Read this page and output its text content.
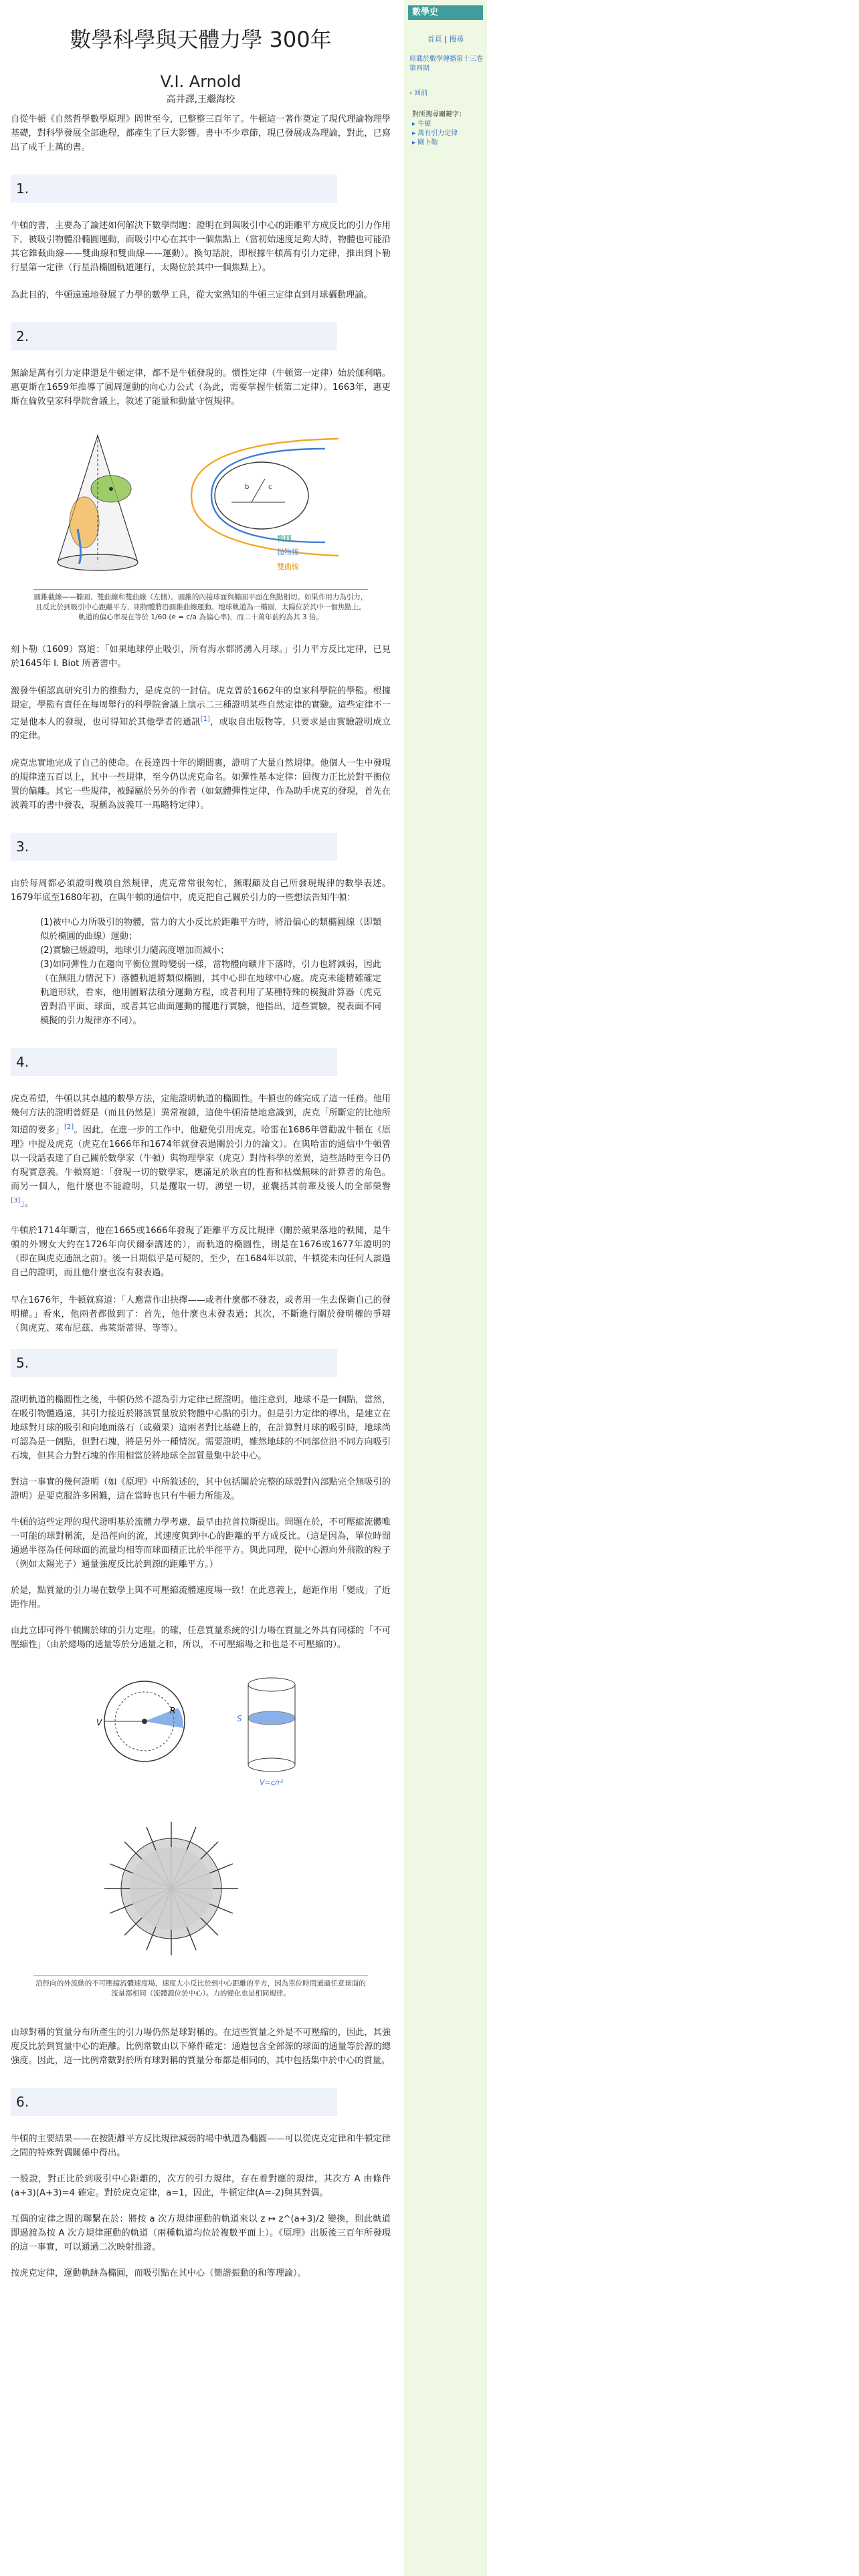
數學科學與天體力學 300年
V.I. Arnold
高井譯,王繼海校

自從牛頓《自然哲學數學原理》問世至今，已整整三百年了。牛頓這一著作奠定了現代理論物理學基礎，對科學發展全部進程，都產生了巨大影響。書中不少章節，現已發展成為理論，對此，已寫出了成千上萬的書。

1.

牛頓的書，主要為了論述如何解決下數學問題：證明在到與吸引中心的距離平方成反比的引力作用下，被吸引物體沿橢圓運動，而吸引中心在其中一個焦點上（當初始速度足夠大時，物體也可能沿其它錐截曲線——雙曲線和雙曲線——運動）。換句話說，即根據牛頓萬有引力定律，推出到卜勒行星第一定律（行星沿橢圓軌道運行，太陽位於其中一個焦點上）。

為此目的，牛頓遠遠地發展了力學的數學工具，從大家熟知的牛頓三定律直到月球攝動理論。

2.

無論是萬有引力定律還是牛頓定律，都不是牛頓發現的。慣性定律（牛頓第一定律）始於伽利略。惠更斯在1659年推導了圓周運動的向心力公式（為此，需要掌握牛頓第二定律）。1663年，惠更斯在倫敦皇家科學院會議上，敘述了能量和動量守恆規律。

c
b
橢圓
拋物線
雙曲線
圓錐截線——橢圓、雙曲線和雙曲線（左側）。圓錐的內接球面與橢圓平面在焦點相切。如果作用力為引力，且反比於到吸引中心距離平方，則物體將沿圓錐曲線運動。地球軌道為一橢圓，太陽位於其中一個焦點上。軌道的偏心率現在等於 1/60 (e = c/a 為偏心率)，而二十萬年前約為其 3 倍。

刻卜勒（1609）寫道：「如果地球停止吸引，所有海水都將湧入月球。」引力平方反比定律，已見於1645年 I. Biot 所著書中。

激發牛頓認真研究引力的推動力，是虎克的一封信。虎克曾於1662年的皇家科學院的學監。根據規定，學監有責任在每周舉行的科學院會議上演示二三種證明某些自然定律的實驗。這些定律不一定是他本人的發現，也可得知於其他學者的通訊[1]，或取自出版物等，只要求是由實驗證明成立的定律。

虎克忠實地完成了自己的使命。在長達四十年的期間裏，證明了大量自然規律。他個人一生中發現的規律達五百以上，其中一些規律，至今仍以虎克命名。如彈性基本定律：回復力正比於對平衡位置的偏離。其它一些規律，被歸屬於另外的作者（如氣體彈性定律，作為助手虎克的發現，首先在波義耳的書中發表，現稱為波義耳一馬略特定律）。

3.

由於每周都必須證明幾項自然規律，虎克常常很匆忙，無暇顧及自己所發現規律的數學表述。1679年底至1680年初，在與牛頓的通信中，虎克把自己關於引力的一些想法告知牛頓：

(1)被中心力所吸引的物體，當力的大小反比於距離平方時，將沿偏心的類橢圓線（即類似於橢圓的曲線）運動；

(2)實驗已經證明，地球引力隨高度增加而減小；

(3)如同彈性力在趨向平衡位置時變弱一樣，當物體向礦井下落時，引力也將減弱，因此（在無阻力情況下）落體軌道將類似橢圓，其中心即在地球中心處。虎克未能精確確定軌道形狀，看來，他用圖解法積分運動方程，或者利用了某種特殊的模擬計算器（虎克曾對沿平面、球面，或者其它曲面運動的擺進行實驗，他指出，這些實驗，視表面不同模擬的引力規律亦不同）。

4.

虎克希望，牛頓以其卓越的數學方法，定能證明軌道的橢圓性。牛頓也的確完成了這一任務。他用幾何方法的證明曾經是（而且仍然是）異常複雜，這使牛頓清楚地意識到，虎克「所斷定的比他所知道的要多」[2]。因此，在進一步的工作中，他避免引用虎克。哈雷在1686年曾勸說牛頓在《原理》中提及虎克（虎克在1666年和1674年就發表過關於引力的論文）。在與哈雷的通信中牛頓曾以一段話表達了自己關於數學家（牛頓）與物理學家（虎克）對待科學的差異，這些話時至今日仍有現實意義。牛頓寫道：「發現一切的數學家，應滿足於耿直的性畜和枯燥無味的計算者的角色。而另一個人，他什麼也不能證明，只是攫取一切，湧望一切，並囊括其前輩及後人的全部榮譽[3]」。

牛頓於1714年斷言，他在1665或1666年發現了距離平方反比規律（關於蘋果落地的軼聞，是牛頓的外甥女大約在1726年向伏爾泰講述的），而軌道的橢圓性，則是在1676或1677年證明的（即在與虎克通訊之前）。後一日期似乎是可疑的，至少，在1684年以前，牛頓從未向任何人談過自己的證明，而且他什麼也沒有發表過。

早在1676年，牛頓就寫道：「人應當作出抉擇——或者什麼都不發表，或者用一生去保衛自己的發明權。」看來，他兩者都做到了：首先，他什麼也未發表過；其次，不斷進行關於發明權的爭辯（與虎克、萊布尼茲、弗萊斯蒂得、等等）。

5.

證明軌道的橢圓性之後，牛頓仍然不認為引力定律已經證明。他注意到，地球不是一個點，當然，在吸引物體過遠，其引力接近於將該質量放於物體中心點的引力。但是引力定律的導出，是建立在地球對月球的吸引和向地面落石（或蘋果）這兩者對比基礎上的，在計算對月球的吸引時，地球尚可認為是一個點，但對石塊，將是另外一種情況。需要證明，雖然地球的不同部位沿不同方向吸引石塊，但其合力對石塊的作用相當於將地球全部質量集中於中心。

對這一事實的幾何證明（如《原理》中所敘述的，其中包括關於完整的球殼對內部點完全無吸引的證明）是要克服許多困難，這在當時也只有牛頓力所能及。

牛頓的這些定理的現代證明基於流體力學考慮，最早由拉普拉斯提出。問題在於，不可壓縮流體唯一可能的球對稱流，是沿徑向的流，其速度與到中心的距離的平方成反比。（這是因為，單位時間通過半徑為任何球面的流量均相等而球面積正比於半徑平方。與此同理，從中心源向外飛散的粒子（例如太陽光子）通量強度反比於到源的距離平方。）

於是，點質量的引力場在數學上與不可壓縮流體速度場一致！在此意義上，超距作用「變成」了近距作用。

由此立即可得牛頓關於球的引力定理。的確，任意質量系統的引力場在質量之外具有同樣的「不可壓縮性」（由於總場的通量等於分通量之和，所以，不可壓縮場之和也是不可壓縮的）。

R
V	S
V=c/r²
沿徑向的外流動的不可壓縮流體速度場，速度大小反比於到中心距離的平方，因為單位時間通過任意球面的流量都相同（流體源位於中心）。力的變化也是相同規律。

由球對稱的質量分布所產生的引力場仍然是球對稱的。在這些質量之外是不可壓縮的，因此，其強度反比於到質量中心的距離。比例常數由以下條件確定：通過包含全部源的球面的通量等於源的總強度。因此，這一比例常數對於所有球對稱的質量分布都是相同的，其中包括集中於中心的質量。

6.

牛頓的主要結果——在按距離平方反比規律減弱的場中軌道為橢圓——可以從虎克定律和牛頓定律之間的特殊對偶關係中得出。

一般說，對正比於到吸引中心距離的，次方的引力規律，存在着對應的規律，其次方 A 由條件 (a+3)(A+3)=4 確定。對於虎克定律，a=1，因此，牛頓定律(A=-2)與其對偶。

互偶的定律之間的聯繫在於：將按 a 次方規律運動的軌道來以 z ↦ z^(a+3)/2 變換，則此軌道即過渡為按 A 次方規律運動的軌道（兩種軌道均位於複數平面上）。《原理》出版後三百年所發現的這一事實，可以通過二次映射推證。

按虎克定律，運動軌跡為橢圓，而吸引點在其中心（簡諧振動的和等理論）。

數學史
首頁 | 搜尋
原載於數學傳播第十三卷第四期
‹ 回前
對所搜尋關鍵字：
▸ 牛頓
▸ 萬有引力定律
▸ 剛卜勒
